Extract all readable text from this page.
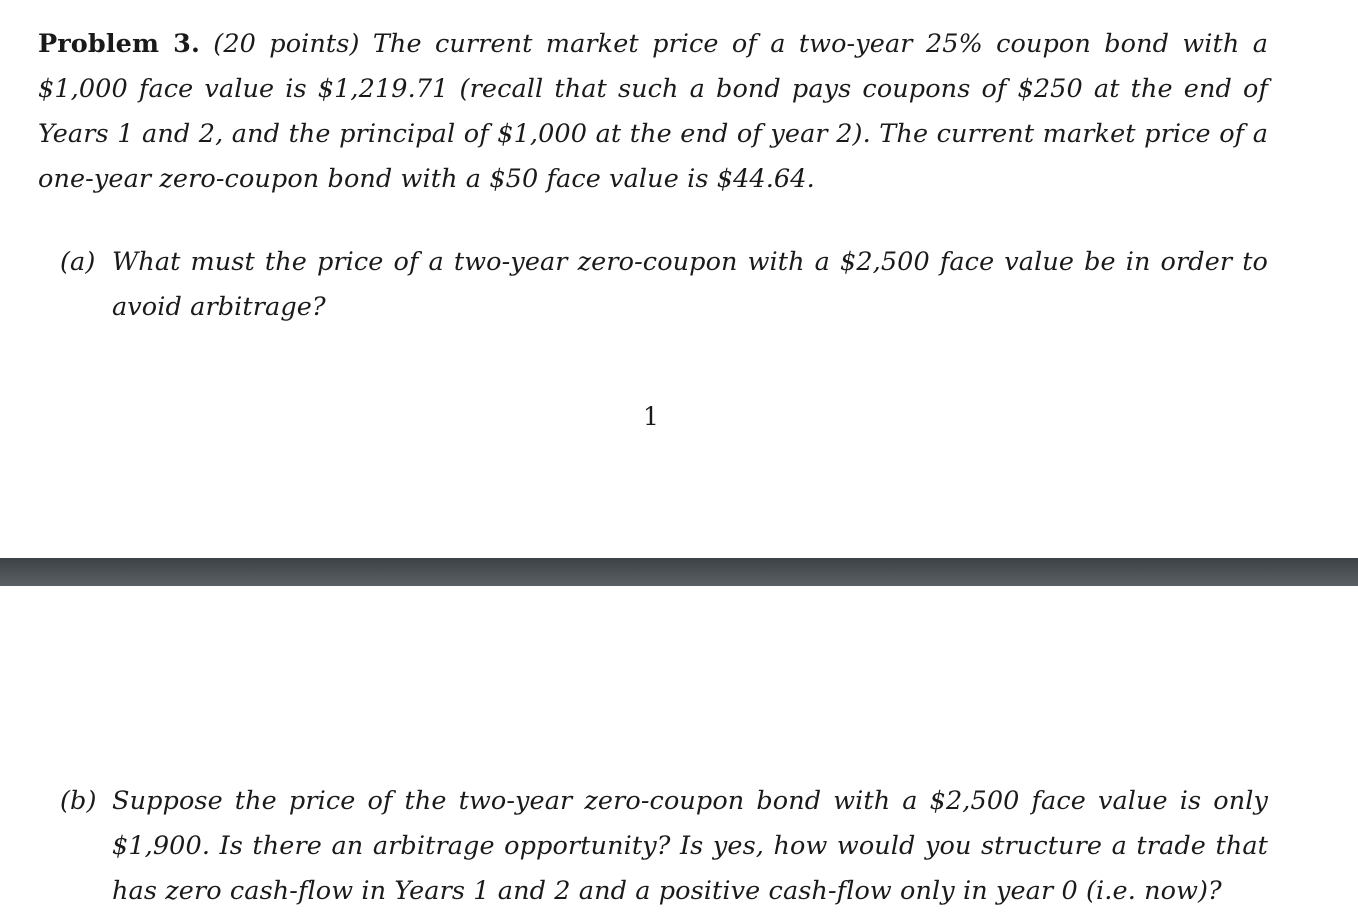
Problem 3. (20 points) The current market price of a two-year 25% coupon bond with a $1,000 face value is $1,219.71 (recall that such a bond pays coupons of $250 at the end of Years 1 and 2, and the principal of $1,000 at the end of year 2). The current market price of a one-year zero-coupon bond with a $50 face value is $44.64.
(a) What must the price of a two-year zero-coupon with a $2,500 face value be in order to avoid arbitrage?
1
(b) Suppose the price of the two-year zero-coupon bond with a $2,500 face value is only $1,900. Is there an arbitrage opportunity? Is yes, how would you structure a trade that has zero cash-flow in Years 1 and 2 and a positive cash-flow only in year 0 (i.e. now)?
